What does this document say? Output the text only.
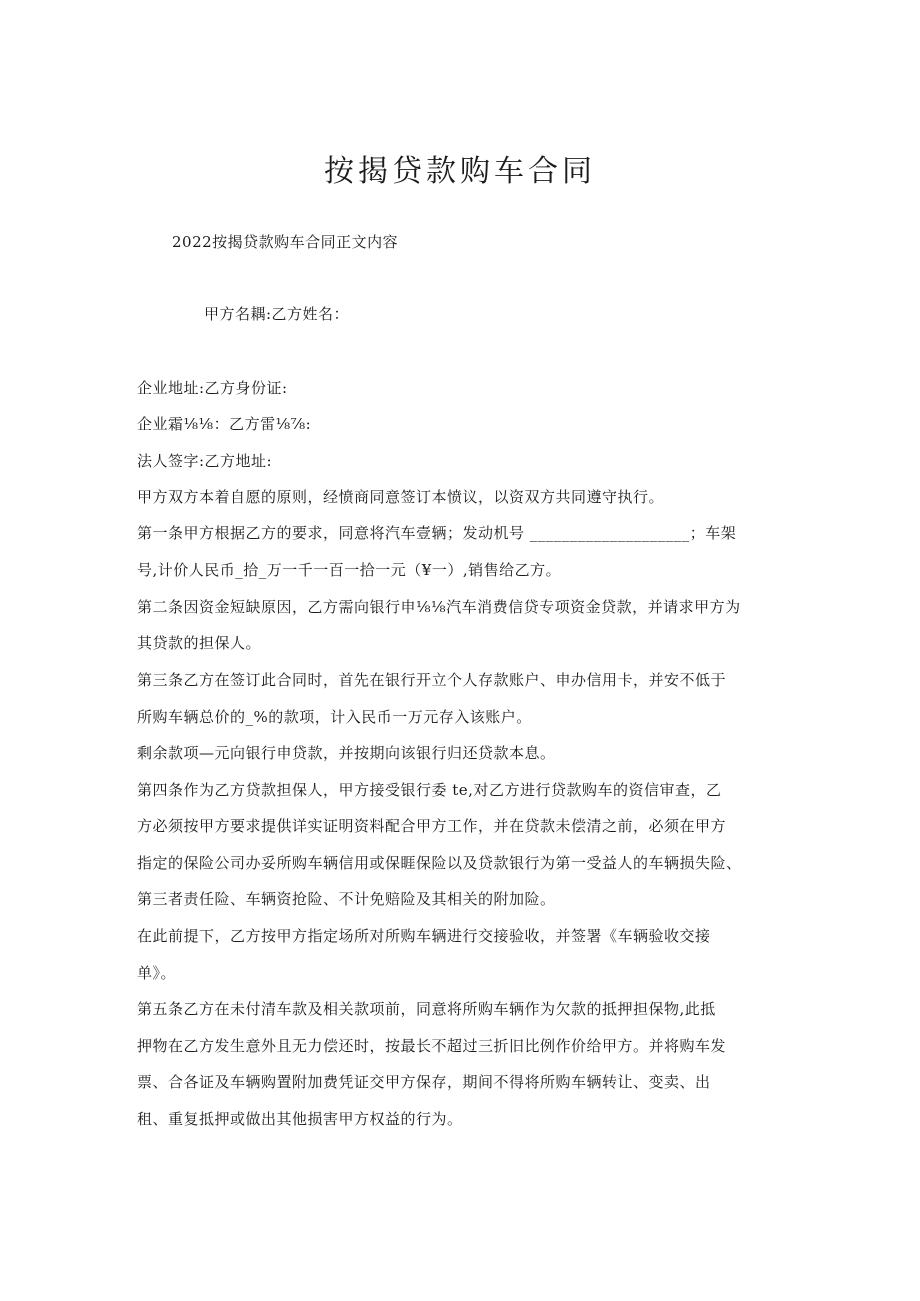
按揭贷款购车合同
2022按揭贷款购车合同正文内容
甲方名耦:乙方姓名：
企业地址:乙方身份证:
企业霜⅛⅛：乙方雷⅛⅞:
法人签字:乙方地址:
甲方双方本着自愿的原则，经愤商同意签订本愤议，以资双方共同遵守执行。
第一条甲方根据乙方的要求，同意将汽车壹辆；发动机号 ____________________；车架
号,计价人民币_拾_万一千一百一拾一元（¥一）,销售给乙方。
第二条因资金短缺原因，乙方需向银行申⅛⅛汽车消费信贷专项资金贷款，并请求甲方为
其贷款的担保人。
第三条乙方在签订此合同时，首先在银行开立个人存款账户、申办信用卡，并安不低于
所购车辆总价的_%的款项，计入民币一万元存入该账户。
剩余款项—元向银行申贷款，并按期向该银行归还贷款本息。
第四条作为乙方贷款担保人，甲方接受银行委 te,对乙方进行贷款购车的资信审查，乙
方必须按甲方要求提供详实证明资料配合甲方工作，并在贷款未偿清之前，必须在甲方
指定的保险公司办妥所购车辆信用或保睚保险以及贷款银行为第一受益人的车辆损失险、
第三者责任险、车辆资抢险、不计免赔险及其相关的附加险。
在此前提下，乙方按甲方指定场所对所购车辆进行交接验收，并签署《车辆验收交接
单》。
第五条乙方在未付清车款及相关款项前，同意将所购车辆作为欠款的抵押担保物,此抵
押物在乙方发生意外且无力偿还时，按最长不超过三折旧比例作价给甲方。并将购车发
票、合各证及车辆购置附加费凭证交甲方保存，期间不得将所购车辆转让、变卖、出
租、重复抵押或做出其他损害甲方权益的行为。
